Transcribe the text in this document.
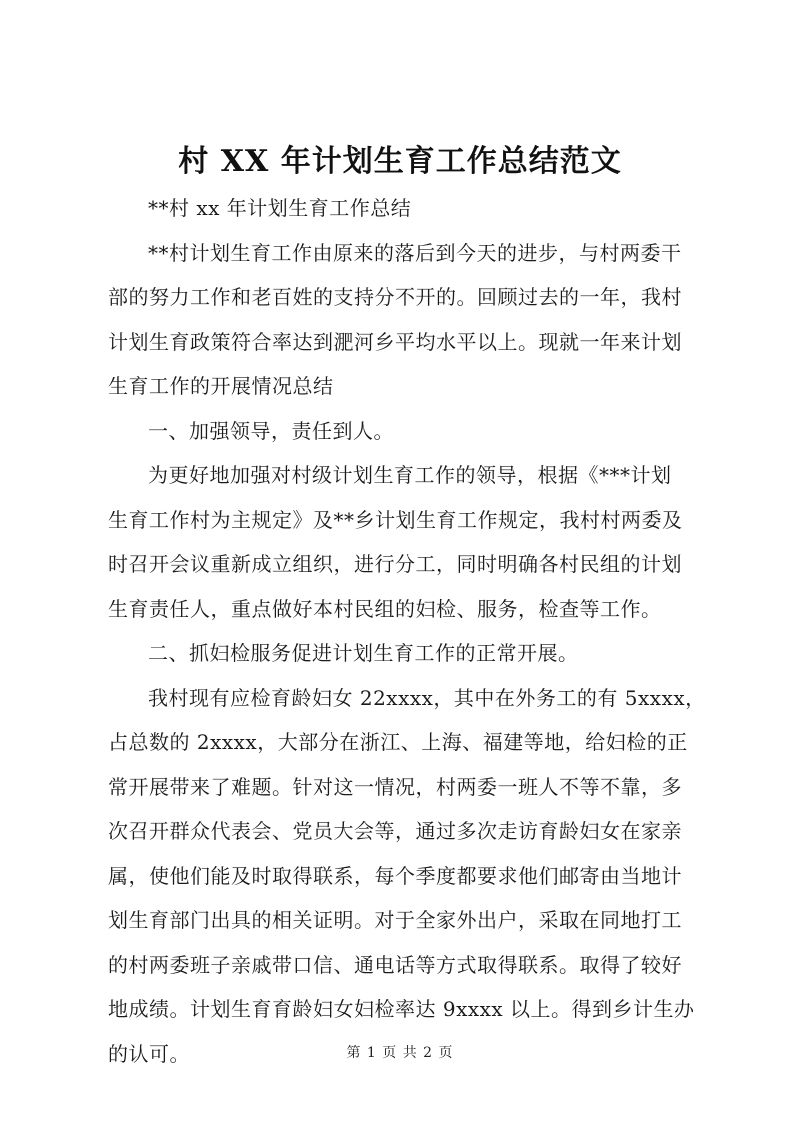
村 XX 年计划生育工作总结范文
**村 xx 年计划生育工作总结
**村计划生育工作由原来的落后到今天的进步，与村两委干
部的努力工作和老百姓的支持分不开的。回顾过去的一年，我村
计划生育政策符合率达到淝河乡平均水平以上。现就一年来计划
生育工作的开展情况总结
一、加强领导，责任到人。
为更好地加强对村级计划生育工作的领导，根据《***计划
生育工作村为主规定》及**乡计划生育工作规定，我村村两委及
时召开会议重新成立组织，进行分工，同时明确各村民组的计划
生育责任人，重点做好本村民组的妇检、服务，检查等工作。
二、抓妇检服务促进计划生育工作的正常开展。
我村现有应检育龄妇女 22xxxx，其中在外务工的有 5xxxx，
占总数的 2xxxx，大部分在浙江、上海、福建等地，给妇检的正
常开展带来了难题。针对这一情况，村两委一班人不等不靠，多
次召开群众代表会、党员大会等，通过多次走访育龄妇女在家亲
属，使他们能及时取得联系，每个季度都要求他们邮寄由当地计
划生育部门出具的相关证明。对于全家外出户，采取在同地打工
的村两委班子亲戚带口信、通电话等方式取得联系。取得了较好
地成绩。计划生育育龄妇女妇检率达 9xxxx 以上。得到乡计生办
的认可。	第 1 页 共 2 页
